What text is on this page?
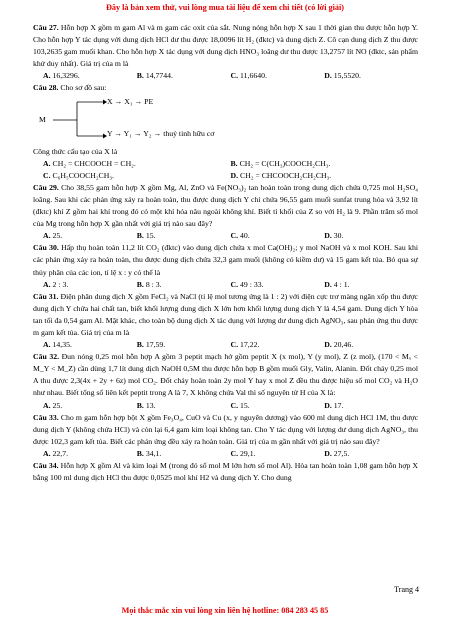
Đây là bản xem thử, vui lòng mua tài liệu để xem chi tiết (có lời giải)

Câu 27. Hỗn hợp X gồm m gam Al và m gam các oxit của sắt. Nung nóng hỗn hợp X sau 1 thời gian thu được hỗn hợp Y. Cho hỗn hợp Y tác dụng với dung dịch HCl dư thu được 18,0096 lít H₂ (đktc) và dung dịch Z. Cô cạn dung dịch Z thu được 103,2635 gam muối khan. Cho hỗn hợp X tác dụng với dung dịch HNO₃ loãng dư thu được 13,2757 lít NO (đktc, sản phẩm khử duy nhất). Giá trị của m là

A. 16,3296.	B. 14,7744.	C. 11,6640.	D. 15,5520.

Câu 28. Cho sơ đồ sau:

M
X → X₁ → PE
Y → Y₁ → Y₂ → thuỷ tinh hữu cơ

Công thức cấu tạo của X là

A. CH₂ = CHCOOCH = CH₂.	B. CH₂ = C(CH₃)COOCH₂CH₃.
C. C₆H₅COOCH₂CH₃.	D. CH₂ = CHCOOCH₂CH₂CH₃.

Câu 29. Cho 38,55 gam hỗn hợp X gồm Mg, Al, ZnO và Fe(NO₃)₂ tan hoàn toàn trong dung dịch chứa 0,725 mol H₂SO₄ loãng. Sau khi các phản ứng xảy ra hoàn toàn, thu được dung dịch Y chỉ chứa 96,55 gam muối sunfat trung hòa và 3,92 lít (đktc) khí Z gồm hai khí trong đó có một khí hóa nâu ngoài không khí. Biết tỉ khối của Z so với H₂ là 9. Phần trăm số mol của Mg trong hỗn hợp X gần nhất với giá trị nào sau đây?

A. 25.	B. 15.	C. 40.	D. 30.

Câu 30. Hấp thụ hoàn toàn 11,2 lít CO₂ (đktc) vào dung dịch chứa x mol Ca(OH)₂; y mol NaOH và x mol KOH. Sau khi các phản ứng xảy ra hoàn toàn, thu được dung dịch chứa 32,3 gam muối (không có kiềm dư) và 15 gam kết tủa. Bỏ qua sự thủy phân của các ion, tỉ lệ x : y có thể là

A. 2 : 3.	B. 8 : 3.	C. 49 : 33.	D. 4 : 1.

Câu 31. Điện phân dung dịch X gồm FeCl₂ và NaCl (tỉ lệ mol tương ứng là 1 : 2) với điện cực trơ màng ngăn xốp thu được dung dịch Y chứa hai chất tan, biết khối lượng dung dịch X lớn hơn khối lượng dung dịch Y là 4,54 gam. Dung dịch Y hòa tan tối đa 0,54 gam Al. Mặt khác, cho toàn bộ dung dịch X tác dụng với lượng dư dung dịch AgNO₃, sau phản ứng thu được m gam kết tủa. Giá trị của m là

A. 14,35.	B. 17,59.	C. 17,22.	D. 20,46.

Câu 32. Đun nóng 0,25 mol hỗn hợp A gồm 3 peptit mạch hở gồm peptit X (x mol), Y (y mol), Z (z mol), (170 < Mₓ < M_Y < M_Z) cần dùng 1,7 lít dung dịch NaOH 0,5M thu được hỗn hợp B gồm muối Gly, Valin, Alanin. Đốt cháy 0,25 mol A thu được 2,3(4x + 2y + 6z) mol CO₂. Đốt cháy hoàn toàn 2y mol Y hay x mol Z đều thu được hiệu số mol CO₂ và H₂O như nhau. Biết tổng số liên kết peptit trong A là 7, X không chứa Val thì số nguyên tử H của X là:

A. 25.	B. 13.	C. 15.	D. 17.

Câu 33. Cho m gam hỗn hợp bột X gồm Fe₃O₄, CuO và Cu (x, y nguyên dương) vào 600 ml dung dịch HCl 1M, thu được dung dịch Y (không chứa HCl) và còn lại 6,4 gam kim loại không tan. Cho Y tác dụng với lượng dư dung dịch AgNO₃, thu được 102,3 gam kết tủa. Biết các phản ứng đều xảy ra hoàn toàn. Giá trị của m gần nhất với giá trị nào sau đây?

A. 22,7.	B. 34,1.	C. 29,1.	D. 27,5.

Câu 34. Hỗn hợp X gồm Al và kim loại M (trong đó số mol M lớn hơn số mol Al). Hòa tan hoàn toàn 1,08 gam hỗn hợp X bằng 100 ml dung dịch HCl thu được 0,0525 mol khí H2 và dung dịch Y. Cho dung

Trang 4
Mọi thắc mắc xin vui lòng xin liên hệ hotline: 084 283 45 85
